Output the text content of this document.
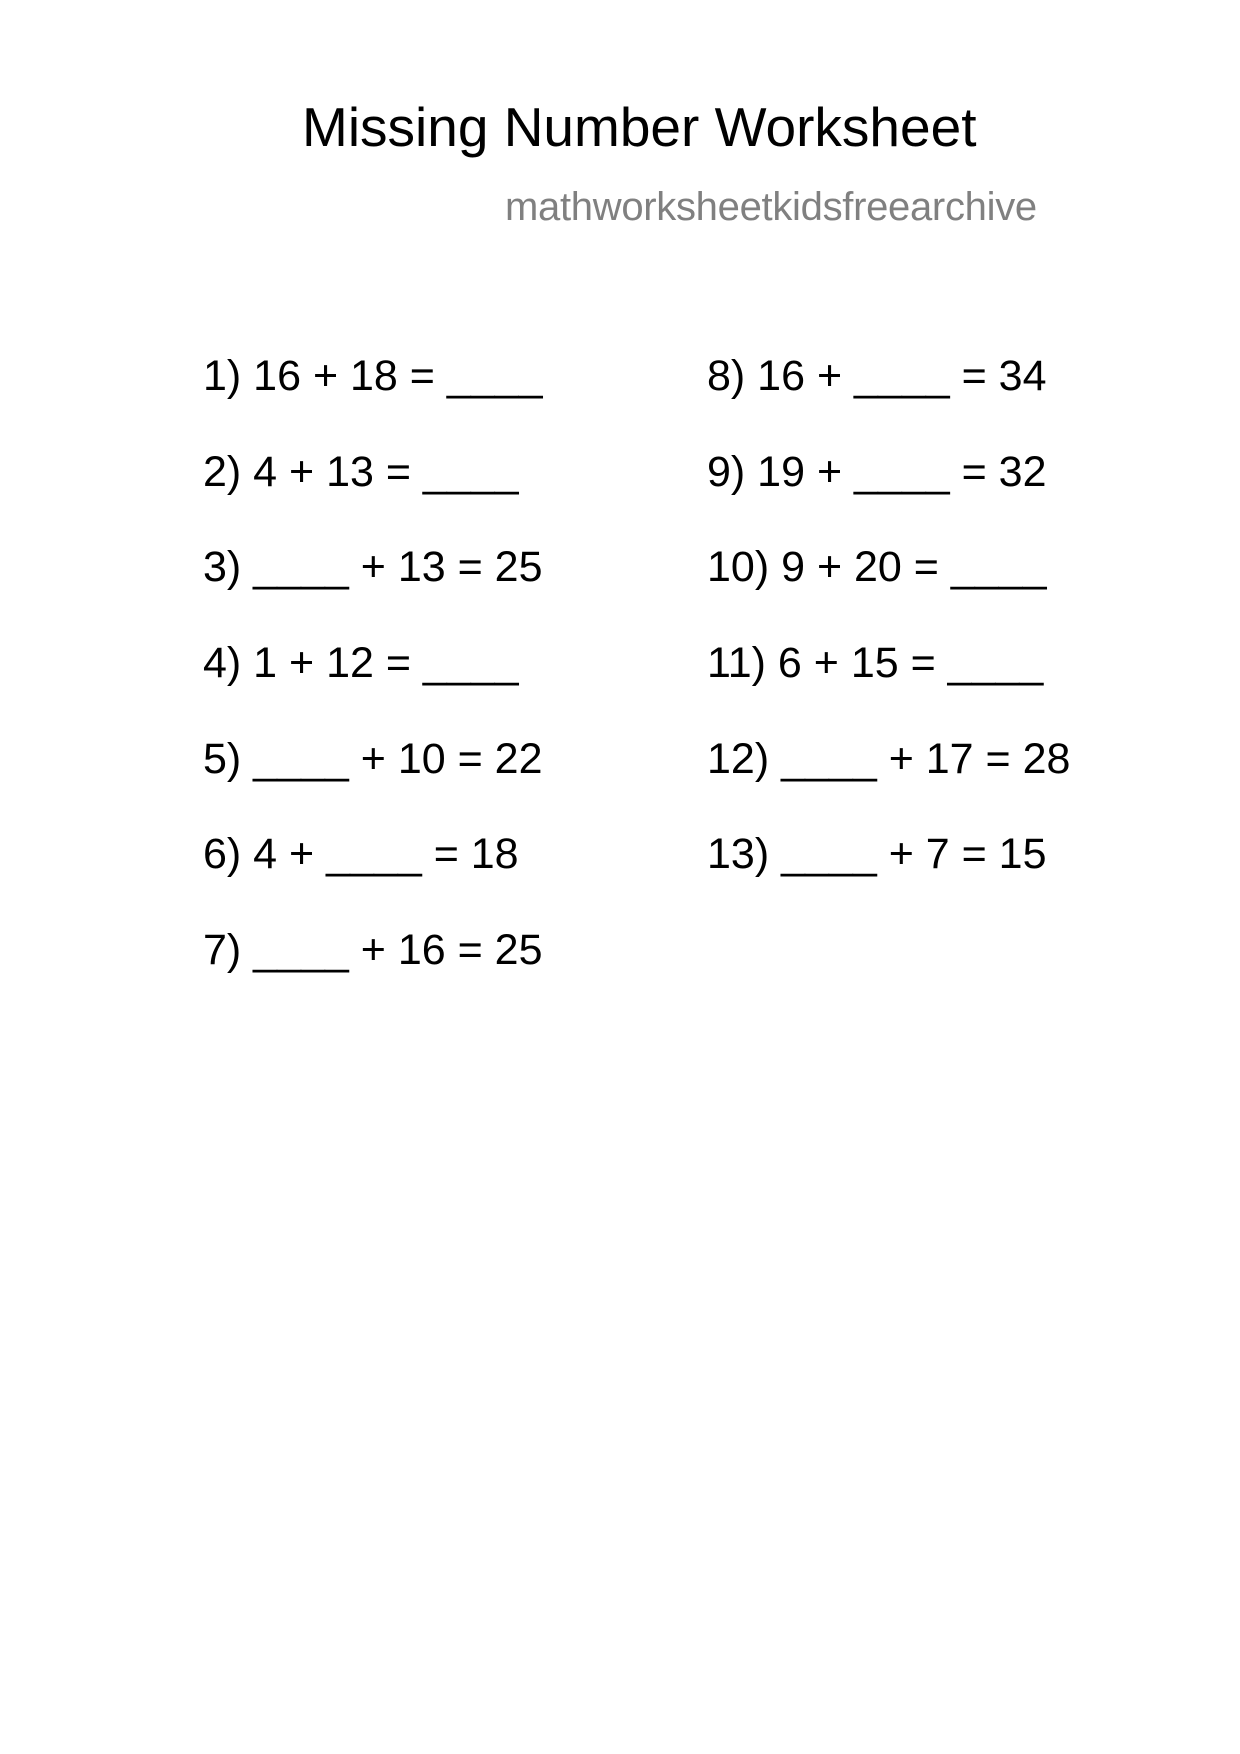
Missing Number Worksheet
mathworksheetkidsfreearchive
1) 16 + 18 = ____
2) 4 + 13 = ____
3) ____ + 13 = 25
4) 1 + 12 = ____
5) ____ + 10 = 22
6) 4 + ____ = 18
7) ____ + 16 = 25
8) 16 + ____ = 34
9) 19 + ____ = 32
10) 9 + 20 = ____
11) 6 + 15 = ____
12) ____ + 17 = 28
13) ____ + 7 = 15
